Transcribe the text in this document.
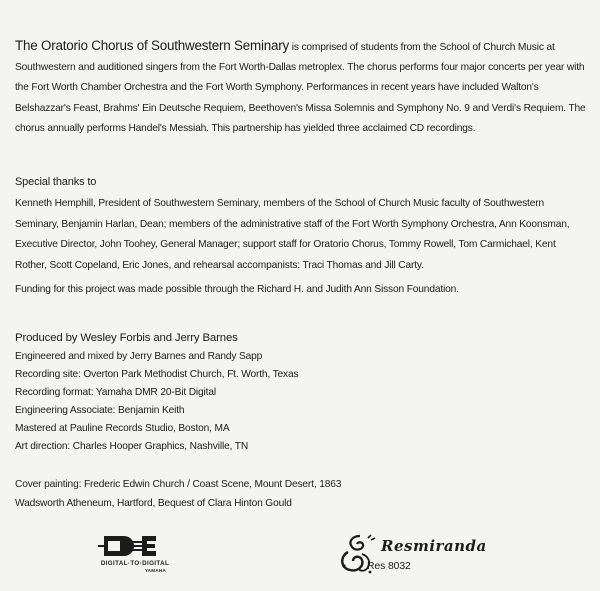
The Oratorio Chorus of Southwestern Seminary is comprised of students from the School of Church Music at Southwestern and auditioned singers from the Fort Worth-Dallas metroplex. The chorus performs four major concerts per year with the Fort Worth Chamber Orchestra and the Fort Worth Symphony. Performances in recent years have included Walton's Belshazzar's Feast, Brahms' Ein Deutsche Requiem, Beethoven's Missa Solemnis and Symphony No. 9 and Verdi's Requiem. The chorus annually performs Handel's Messiah. This partnership has yielded three acclaimed CD recordings.
Special thanks to
Kenneth Hemphill, President of Southwestern Seminary, members of the School of Church Music faculty of Southwestern Seminary, Benjamin Harlan, Dean; members of the administrative staff of the Fort Worth Symphony Orchestra, Ann Koonsman, Executive Director, John Toohey, General Manager; support staff for Oratorio Chorus, Tommy Rowell, Tom Carmichael, Kent Rother, Scott Copeland, Eric Jones, and rehearsal accompanists: Traci Thomas and Jill Carty.
Funding for this project was made possible through the Richard H. and Judith Ann Sisson Foundation.
Produced by Wesley Forbis and Jerry Barnes
Engineered and mixed by Jerry Barnes and Randy Sapp
Recording site: Overton Park Methodist Church, Ft. Worth, Texas
Recording format: Yamaha DMR 20-Bit Digital
Engineering Associate: Benjamin Keith
Mastered at Pauline Records Studio, Boston, MA
Art direction: Charles Hooper Graphics, Nashville, TN
Cover painting: Frederic Edwin Church / Coast Scene, Mount Desert, 1863
Wadsworth Atheneum, Hartford, Bequest of Clara Hinton Gould
DIGITAL·TO·DIGITAL
YAMAHA
Resmiranda
Res 8032
